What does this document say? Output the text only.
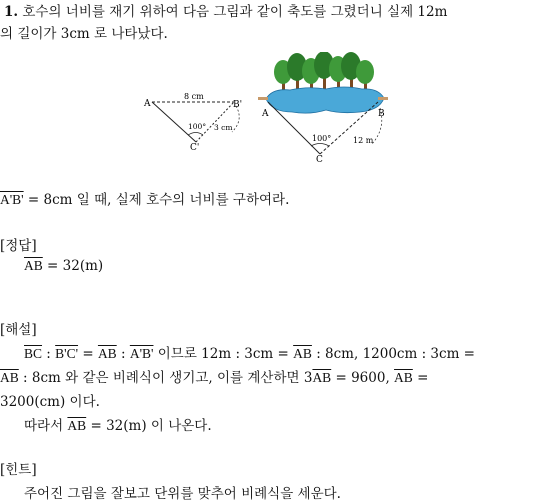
1. 호수의 너비를 재기 위하여 다음 그림과 같이 축도를 그렸더니 실제 12m
의 길이가 3cm 로 나타났다.
A	B'
C'
8 cm
100° 3 cm
A	B
C
100°	12 m
A'B' = 8cm 일 때, 실제 호수의 너비를 구하여라.
[정답]
$\overline{AB} = 32(m)$
[해설]
$\overline{BC}$ : $B'C' = \overline{AB}$ : A'B' 이므로 12m : $3cm = \overline{AB}$ : 8cm, 1200cm : 3cm =
$\overline{AB}$ : 8cm 와 같은 비례식이 생기고, 이를 계산하면 $3\overline{AB} = 9600$, $\overline{AB}$ =
3200(cm) 이다.
따라서 $\overline{AB} = 32(m)$ 이 나온다.
[힌트]
주어진 그림을 잘보고 단위를 맞추어 비례식을 세운다.
